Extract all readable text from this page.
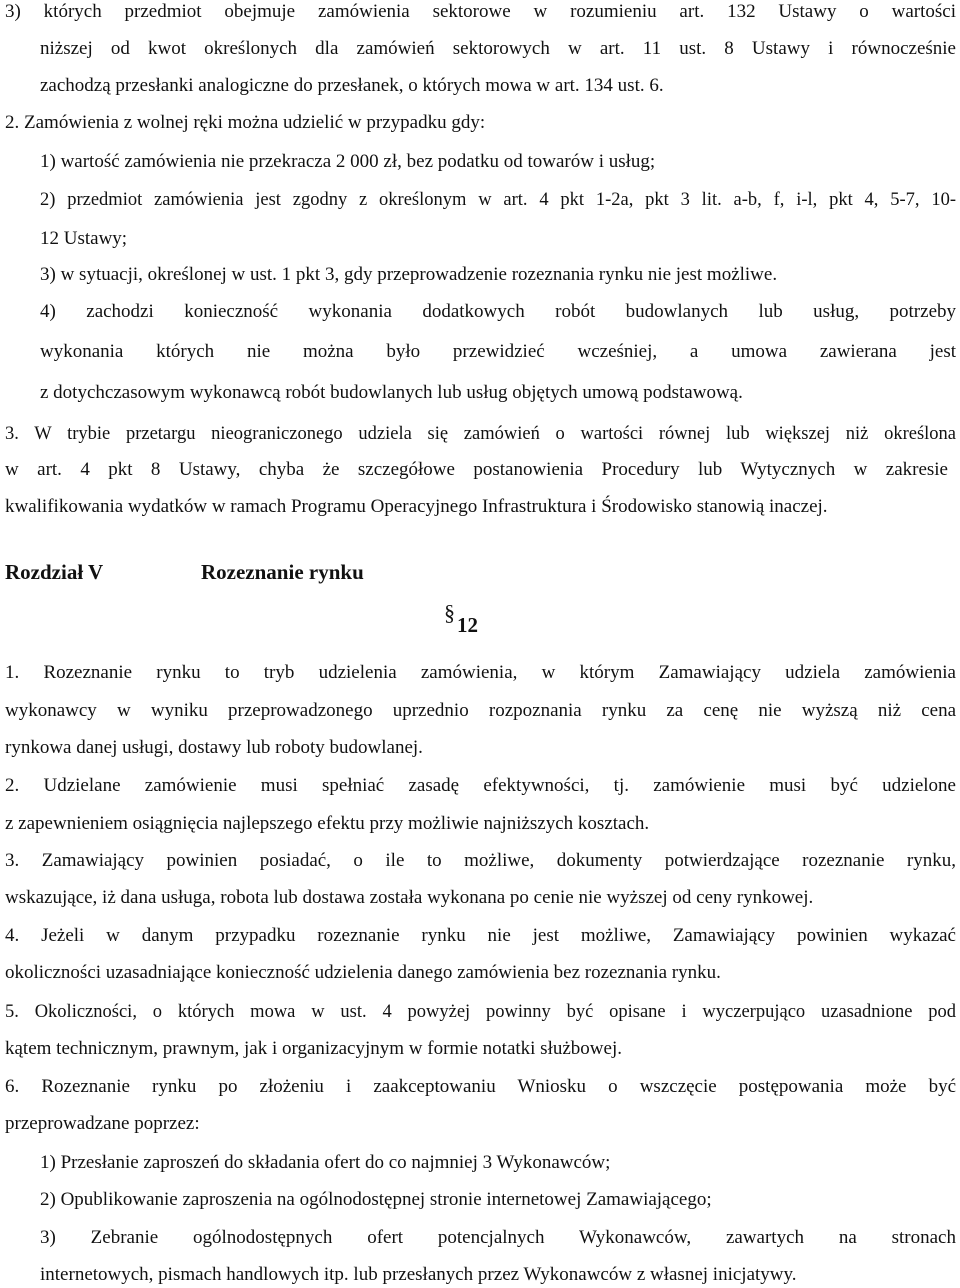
3) których przedmiot obejmuje zamówienia sektorowe w rozumieniu art. 132 Ustawy o wartości
niższej od kwot określonych dla zamówień sektorowych w art. 11 ust. 8 Ustawy i równocześnie
zachodzą przesłanki analogiczne do przesłanek, o których mowa w art. 134 ust. 6.
2. Zamówienia z wolnej ręki można udzielić w przypadku gdy:
1) wartość zamówienia nie przekracza 2 000 zł, bez podatku od towarów i usług;
2) przedmiot zamówienia jest zgodny z określonym w art. 4 pkt 1-2a, pkt 3 lit. a-b, f, i-l, pkt 4, 5-7, 10-
12 Ustawy;
3) w sytuacji, określonej w ust. 1 pkt 3, gdy przeprowadzenie rozeznania rynku nie jest możliwe.
4) zachodzi konieczność wykonania dodatkowych robót budowlanych lub usług, potrzeby
wykonania których nie można było przewidzieć wcześniej, a umowa zawierana jest
z dotychczasowym wykonawcą robót budowlanych lub usług objętych umową podstawową.
3. W trybie przetargu nieograniczonego udziela się zamówień o wartości równej lub większej niż określona
w art. 4 pkt 8 Ustawy, chyba że szczegółowe postanowienia Procedury lub Wytycznych w zakresie
kwalifikowania wydatków w ramach Programu Operacyjnego Infrastruktura i Środowisko stanowią inaczej.
Rozdział V	Rozeznanie rynku
§12
1. Rozeznanie rynku to tryb udzielenia zamówienia, w którym Zamawiający udziela zamówienia
wykonawcy w wyniku przeprowadzonego uprzednio rozpoznania rynku za cenę nie wyższą niż cena
rynkowa danej usługi, dostawy lub roboty budowlanej.
2. Udzielane zamówienie musi spełniać zasadę efektywności, tj. zamówienie musi być udzielone
z zapewnieniem osiągnięcia najlepszego efektu przy możliwie najniższych kosztach.
3. Zamawiający powinien posiadać, o ile to możliwe, dokumenty potwierdzające rozeznanie rynku,
wskazujące, iż dana usługa, robota lub dostawa została wykonana po cenie nie wyższej od ceny rynkowej.
4. Jeżeli w danym przypadku rozeznanie rynku nie jest możliwe, Zamawiający powinien wykazać
okoliczności uzasadniające konieczność udzielenia danego zamówienia bez rozeznania rynku.
5. Okoliczności, o których mowa w ust. 4 powyżej powinny być opisane i wyczerpująco uzasadnione pod
kątem technicznym, prawnym, jak i organizacyjnym w formie notatki służbowej.
6. Rozeznanie rynku po złożeniu i zaakceptowaniu Wniosku o wszczęcie postępowania może być
przeprowadzane poprzez:
1) Przesłanie zaproszeń do składania ofert do co najmniej 3 Wykonawców;
2) Opublikowanie zaproszenia na ogólnodostępnej stronie internetowej Zamawiającego;
3) Zebranie ogólnodostępnych ofert potencjalnych Wykonawców, zawartych na stronach
internetowych, pismach handlowych itp. lub przesłanych przez Wykonawców z własnej inicjatywy.
